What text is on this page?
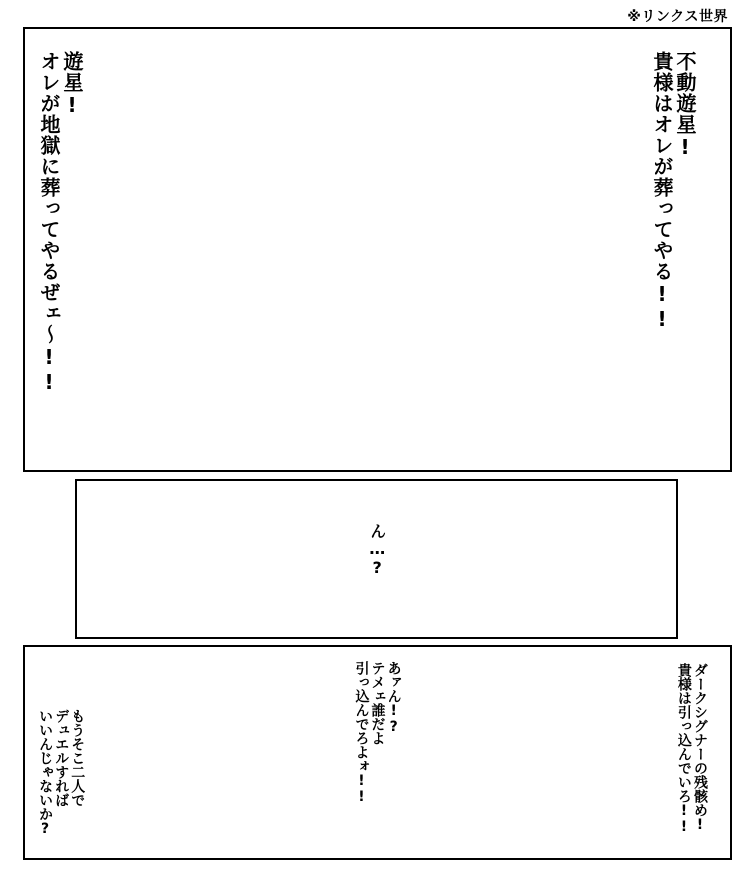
※リンクス世界
不動遊星!
貴様はオレが葬ってやる!!
遊星!
オレが地獄に葬ってやるぜェ〜!!
ん…?
ダークシグナーの残骸め!
貴様は引っ込んでいろ!!
あァん!?
テメェ誰だよ
引っ込んでろよォ!!
もうそこ二人で
デュエルすれば
いいんじゃないか?
